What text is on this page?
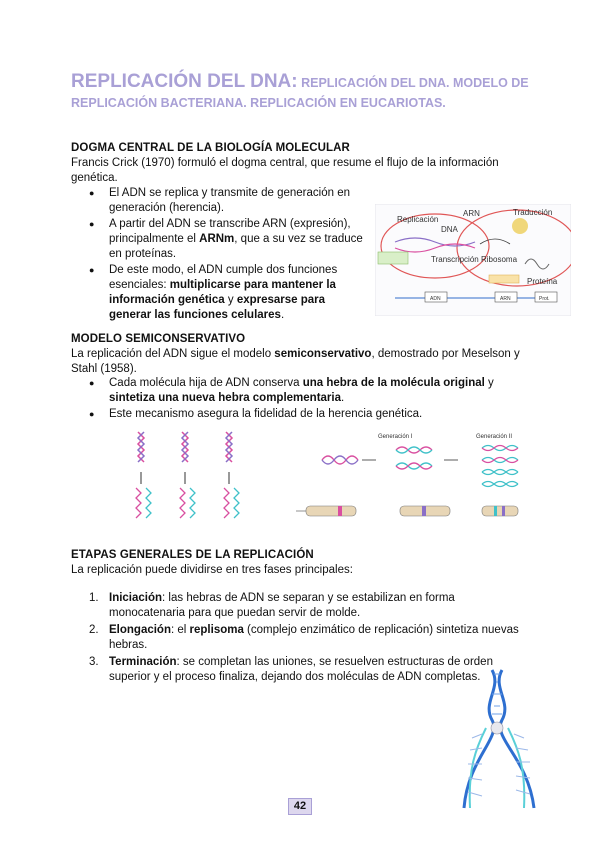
REPLICACIÓN DEL DNA: REPLICACIÓN DEL DNA. MODELO DE REPLICACIÓN BACTERIANA. REPLICACIÓN EN EUCARIOTAS.
DOGMA CENTRAL DE LA BIOLOGÍA MOLECULAR
Francis Crick (1970) formuló el dogma central, que resume el flujo de la información genética.
● El ADN se replica y transmite de generación en generación (herencia).
● A partir del ADN se transcribe ARN (expresión), principalmente el ARNm, que a su vez se traduce en proteínas.
● De este modo, el ADN cumple dos funciones esenciales: multiplicarse para mantener la información genética y expresarse para generar las funciones celulares.
Replicación
ARN	Traducción
DNA
Transcripción Ribosoma
Proteína
ADN	ARN	Prot.
MODELO SEMICONSERVATIVO
La replicación del ADN sigue el modelo semiconservativo, demostrado por Meselson y Stahl (1958).
● Cada molécula hija de ADN conserva una hebra de la molécula original y sintetiza una nueva hebra complementaria.
● Este mecanismo asegura la fidelidad de la herencia genética.
Generación I	Generación II
ETAPAS GENERALES DE LA REPLICACIÓN
La replicación puede dividirse en tres fases principales:
1. Iniciación: las hebras de ADN se separan y se estabilizan en forma monocatenaria para que puedan servir de molde.
2. Elongación: el replisoma (complejo enzimático de replicación) sintetiza nuevas hebras.
3. Terminación: se completan las uniones, se resuelven estructuras de orden superior y el proceso finaliza, dejando dos moléculas de ADN completas.
42
